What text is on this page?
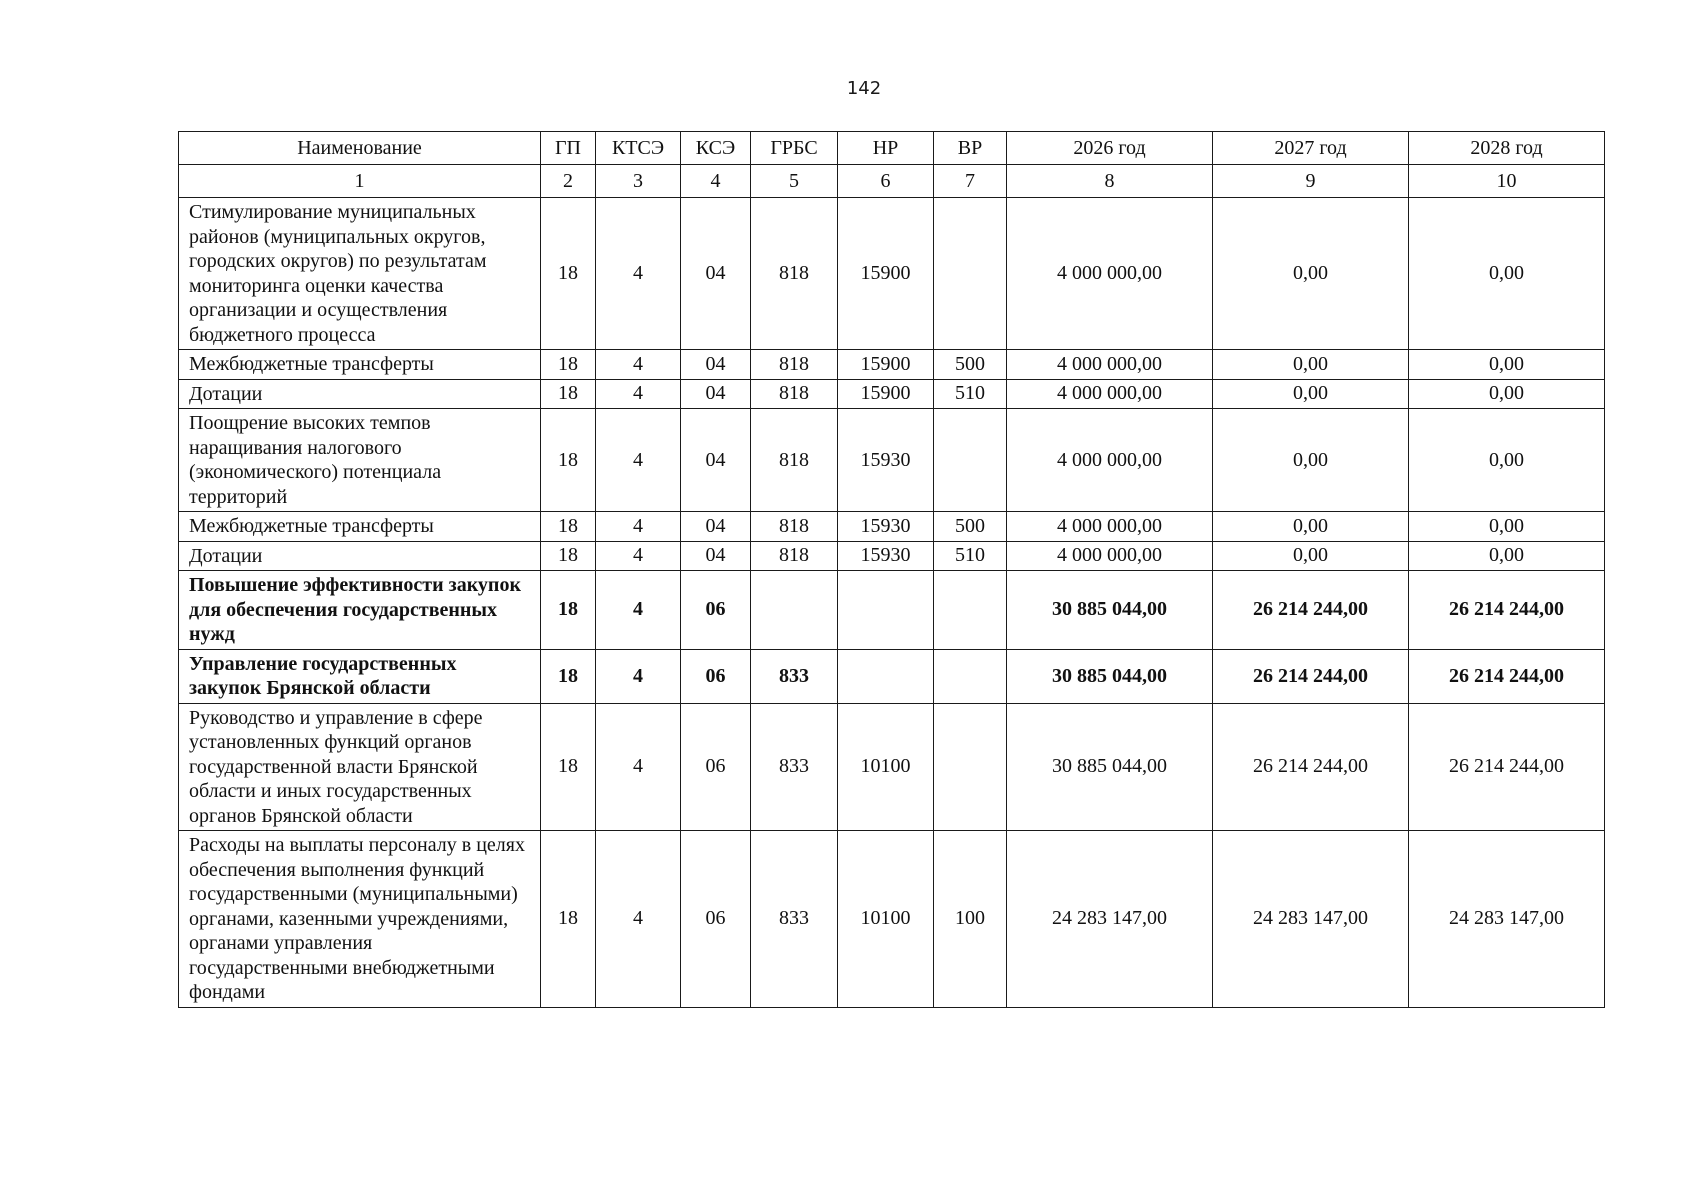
142
Наименование	ГП	КТСЭ	КСЭ	ГРБС	НР	ВР	2026 год	2027 год	2028 год
1	2	3	4	5	6	7	8	9	10
Стимулирование муниципальных районов (муниципальных округов, городских округов) по результатам мониторинга оценки качества организации и осуществления бюджетного процесса	18	4	04	818	15900		4 000 000,00	0,00	0,00
Межбюджетные трансферты	18	4	04	818	15900	500	4 000 000,00	0,00	0,00
Дотации	18	4	04	818	15900	510	4 000 000,00	0,00	0,00
Поощрение высоких темпов наращивания налогового (экономического) потенциала территорий	18	4	04	818	15930		4 000 000,00	0,00	0,00
Межбюджетные трансферты	18	4	04	818	15930	500	4 000 000,00	0,00	0,00
Дотации	18	4	04	818	15930	510	4 000 000,00	0,00	0,00
Повышение эффективности закупок для обеспечения государственных нужд	18	4	06				30 885 044,00	26 214 244,00	26 214 244,00
Управление государственных закупок Брянской области	18	4	06	833			30 885 044,00	26 214 244,00	26 214 244,00
Руководство и управление в сфере установленных функций органов государственной власти Брянской области и иных государственных органов Брянской области	18	4	06	833	10100		30 885 044,00	26 214 244,00	26 214 244,00
Расходы на выплаты персоналу в целях обеспечения выполнения функций государственными (муниципальными) органами, казенными учреждениями, органами управления государственными внебюджетными фондами	18	4	06	833	10100	100	24 283 147,00	24 283 147,00	24 283 147,00
